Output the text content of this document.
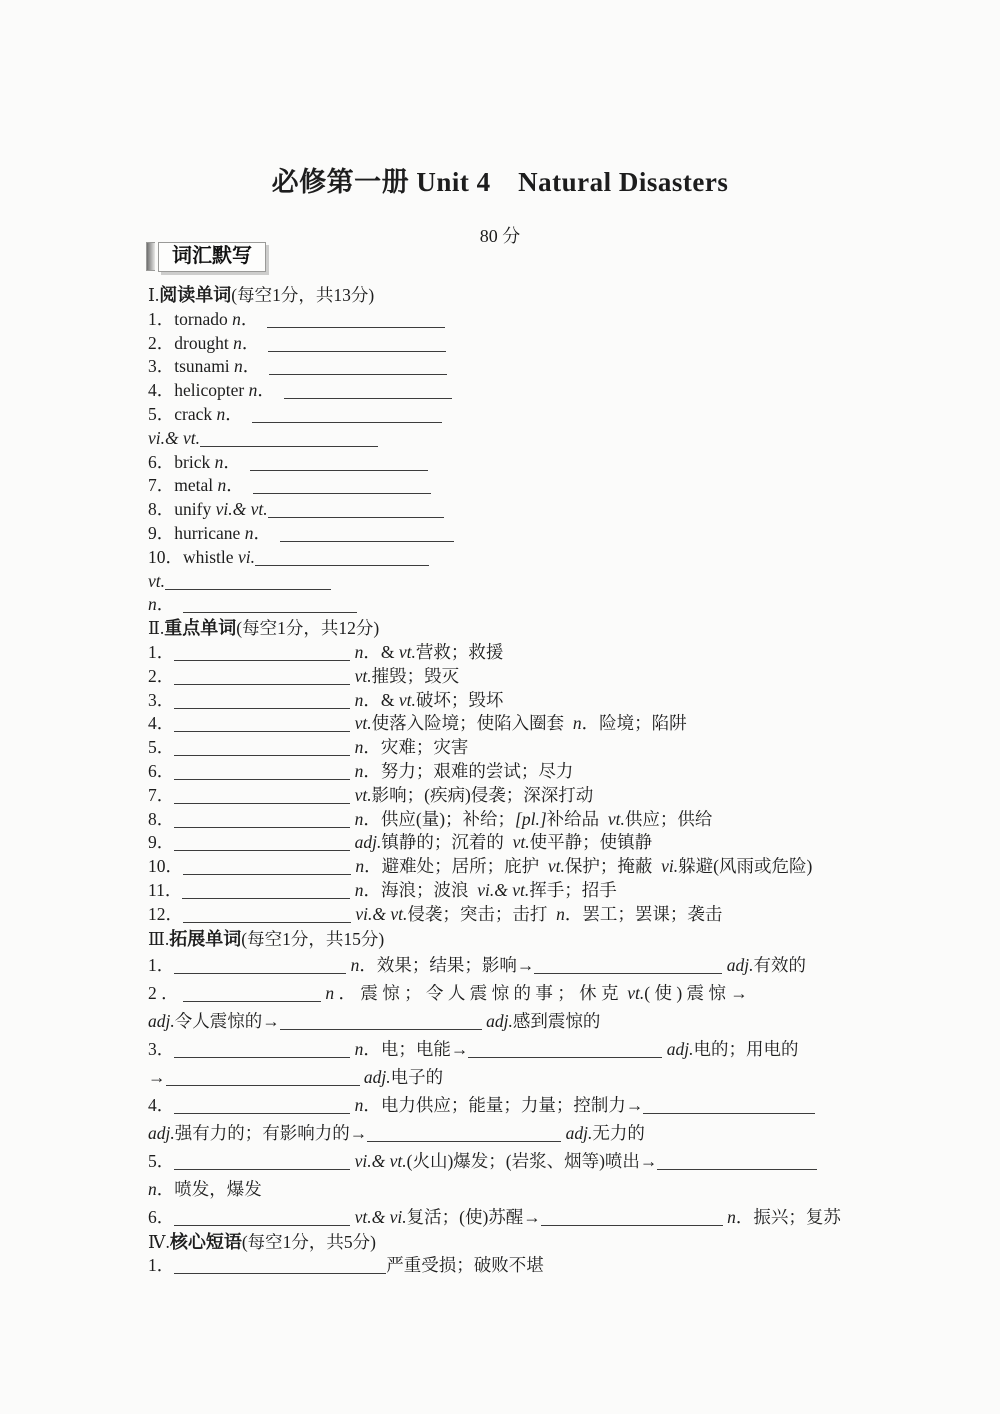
必修第一册 Unit 4　Natural Disasters
80 分
词汇默写
Ⅰ.阅读单词(每空1分，共13分)
1．tornado n．
2．drought n．
3．tsunami n．
4．helicopter n．
5．crack n．
vi.& vt.
6．brick n．
7．metal n．
8．unify vi.& vt.
9．hurricane n．
10．whistle vi.
vt.
n．
Ⅱ.重点单词(每空1分，共12分)
1．	n．& vt.营救；救援
2．	vt.摧毁；毁灭
3．	n．& vt.破坏；毁坏
4．	vt.使落入险境；使陷入圈套  n．险境；陷阱
5．	n．灾难；灾害
6．	n．努力；艰难的尝试；尽力
7．	vt.影响；(疾病)侵袭；深深打动
8．	n．供应(量)；补给；[pl.]补给品  vt.供应；供给
9．	adj.镇静的；沉着的  vt.使平静；使镇静
10．	n．避难处；居所；庇护  vt.保护；掩蔽  vi.躲避(风雨或危险)
11．	n．海浪；波浪  vi.& vt.挥手；招手
12．	vi.& vt.侵袭；突击；击打  n．罢工；罢课；袭击
Ⅲ.拓展单词(每空1分，共15分)
1．	n．效果；结果；影响→	adj.有效的
2 ．	n ． 震 惊 ； 令 人 震 惊 的 事 ； 休 克  vt.( 使 ) 震 惊 →
adj.令人震惊的→	adj.感到震惊的
3．	n．电；电能→	adj.电的；用电的
→	adj.电子的
4．	n．电力供应；能量；力量；控制力→
adj.强有力的；有影响力的→	adj.无力的
5．	vi.& vt.(火山)爆发；(岩浆、烟等)喷出→
n．喷发，爆发
6．	vt.& vi.复活；(使)苏醒→	n．振兴；复苏
Ⅳ.核心短语(每空1分，共5分)
1．	严重受损；破败不堪
